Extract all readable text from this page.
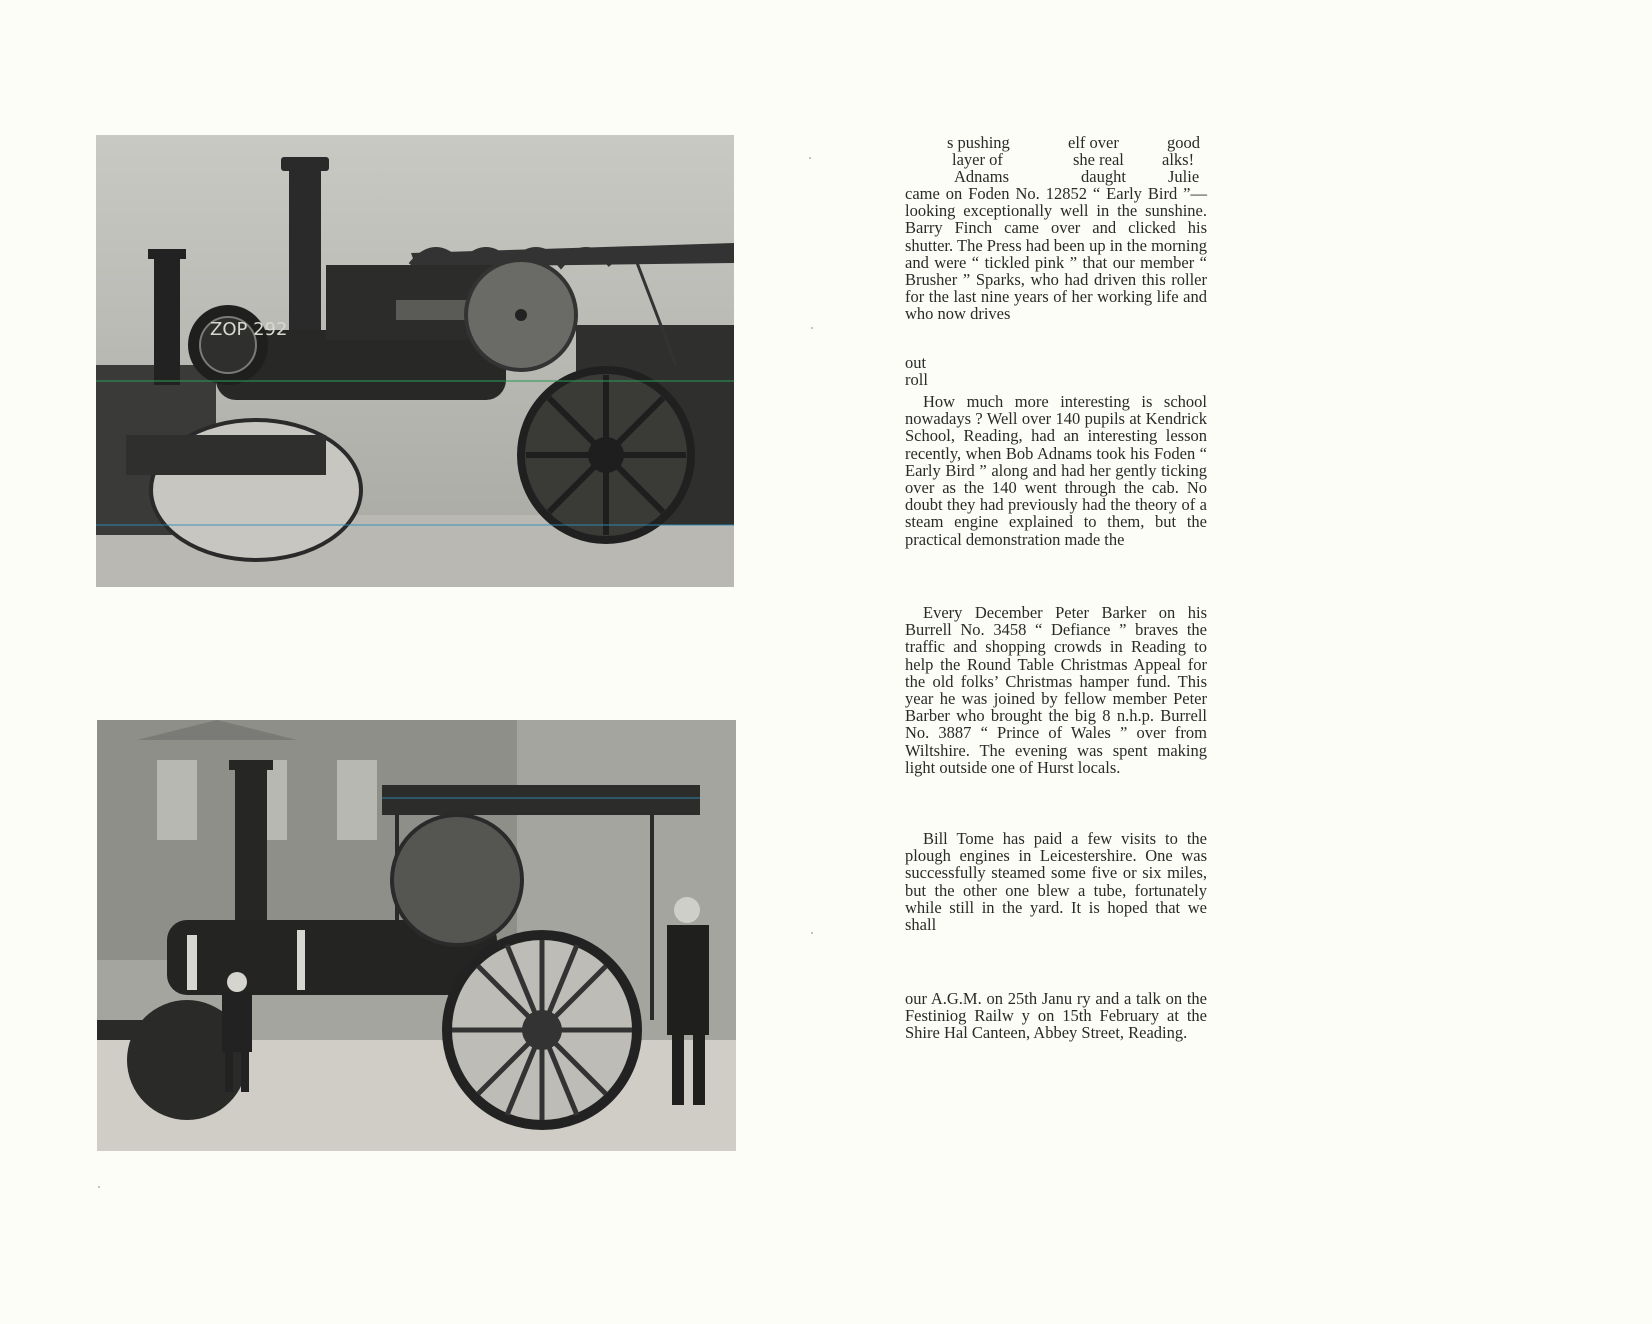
ZOP 292
s pushing	elf over	good
layer of	she real alks!
Adnams	daught	Julie

came on Foden No. 12852 “ Early Bird ”—looking exceptionally well in the sunshine. Barry Finch came over and clicked his shutter. The Press had been up in the morning and were “ tickled pink ” that our member “ Brusher ” Sparks, who had driven this roller for the last nine years of her working life and who now drives

out
roll

How much more interesting is school nowadays ? Well over 140 pupils at Kendrick School, Reading, had an interesting lesson recently, when Bob Adnams took his Foden “ Early Bird ” along and had her gently ticking over as the 140 went through the cab. No doubt they had previously had the theory of a steam engine explained to them, but the practical demonstration made the

Every December Peter Barker on his Burrell No. 3458 “ Defiance ” braves the traffic and shopping crowds in Reading to help the Round Table Christmas Appeal for the old folks’ Christmas hamper fund. This year he was joined by fellow member Peter Barber who brought the big 8 n.h.p. Burrell No. 3887 “ Prince of Wales ” over from Wiltshire. The evening was spent making light outside one of Hurst locals.

Bill Tome has paid a few visits to the plough engines in Leicestershire. One was successfully steamed some five or six miles, but the other one blew a tube, fortunately while still in the yard. It is hoped that we shall

our A.G.M. on 25th Janu ry and a talk on the Festiniog Railw y on 15th February at the Shire Hal Canteen, Abbey Street, Reading.
